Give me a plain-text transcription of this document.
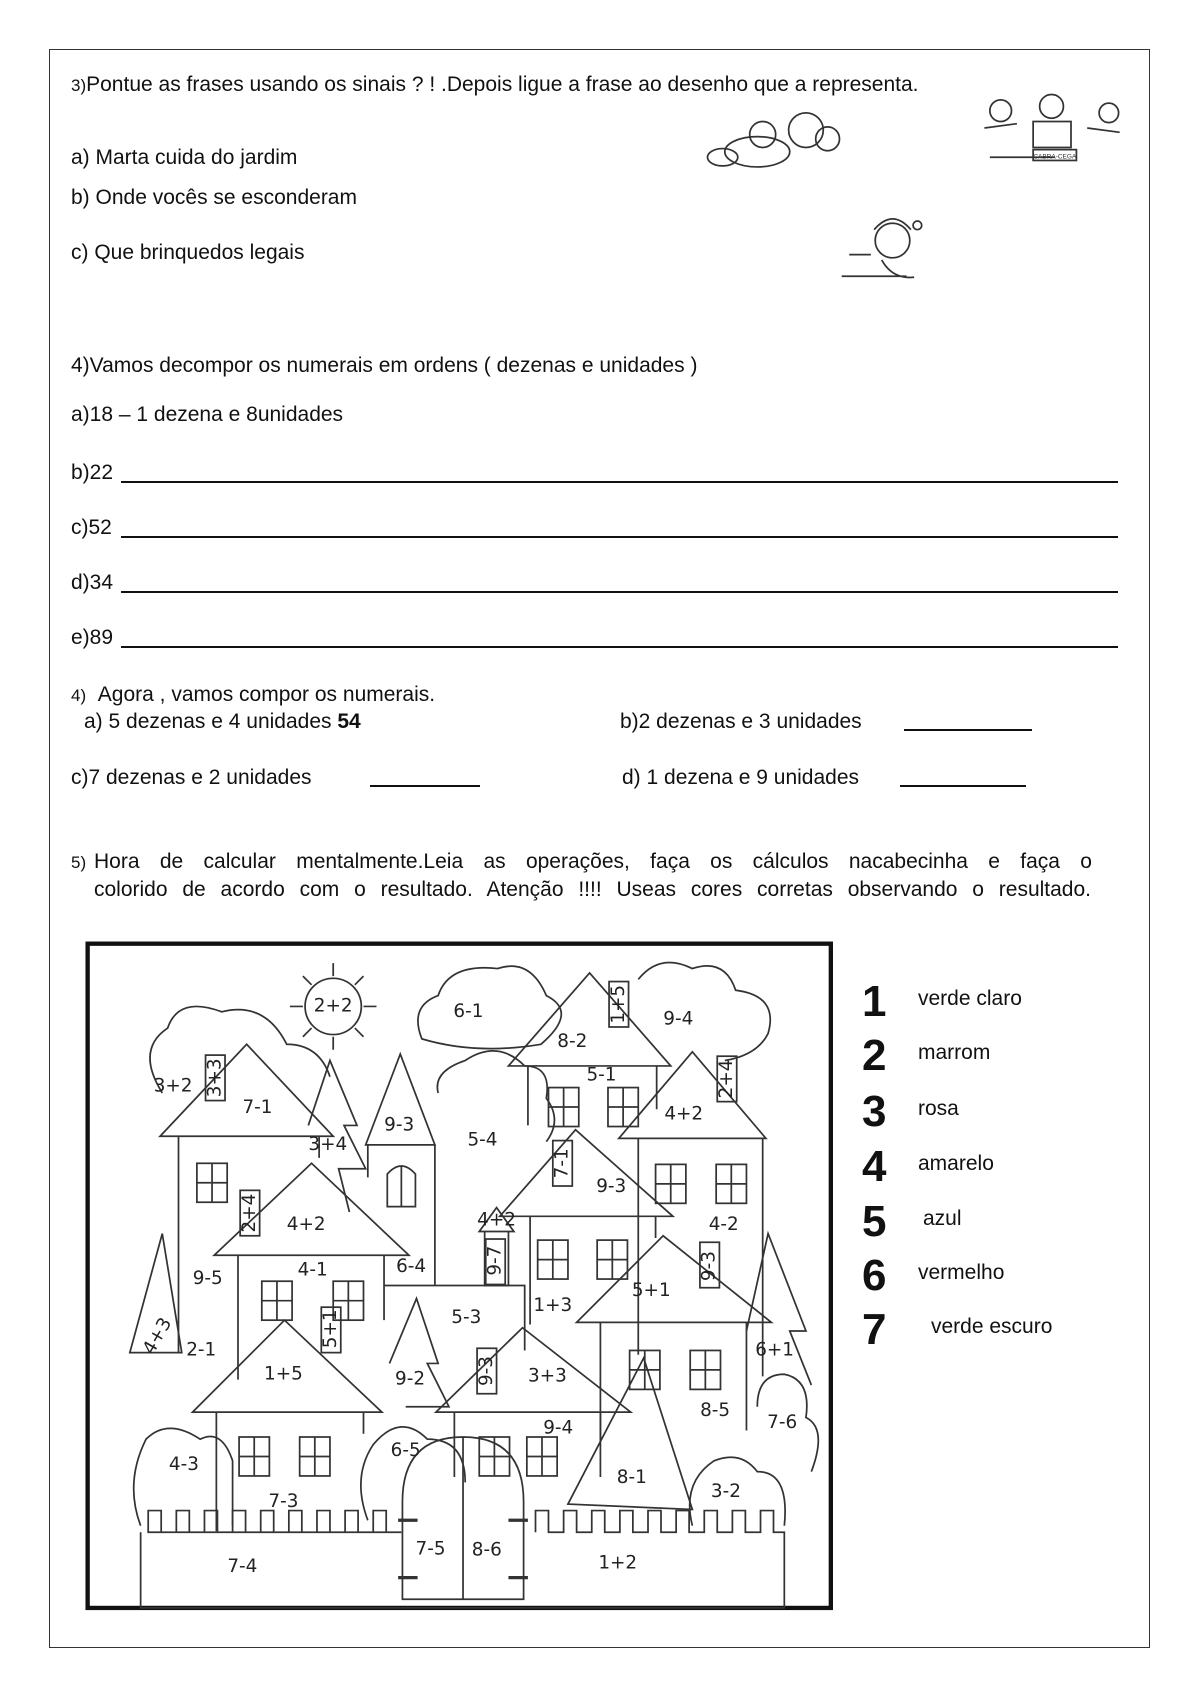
3)Pontue as frases usando os sinais ? ! .Depois ligue a frase ao desenho que a representa.
a) Marta cuida do jardim
b) Onde vocês se esconderam
c) Que brinquedos legais
4)Vamos decompor os numerais em ordens ( dezenas e unidades )
a)18 – 1 dezena e 8unidades
b)22
c)52
d)34
e)89
4) Agora , vamos compor os numerais.
a) 5 dezenas e 4 unidades 54	b)2 dezenas e 3 unidades
c)7 dezenas e 2 unidades	d) 1 dezena e 9 unidades
5) Hora de calcular mentalmente.Leia as operações, faça os cálculos nacabecinha e faça o
colorido de acordo com o resultado. Atenção !!!! Useas cores corretas observando o resultado.
CABRA-CEGA
2+2	6-1	1+5 9-4
8-2
3+2 3+3
7-1
5-1	2+4
4+2
9-3
3+4	5-4
7-1
9-3
2+4 4+2	4+2	4-2
9-7
6-4
4-1
9-5	9-3
5+1
1+3
5-3
5+1
4+3 2-1	6+1
1+5	9-2	9-3 3+3
8-5
7-6
9-4
6-5
4-3
8-1
3-2
7-3
7-5 8-6
1+2
7-4
1 verde claro
2 marrom
3 rosa
4 amarelo
5 azul
6 vermelho
7 verde escuro
